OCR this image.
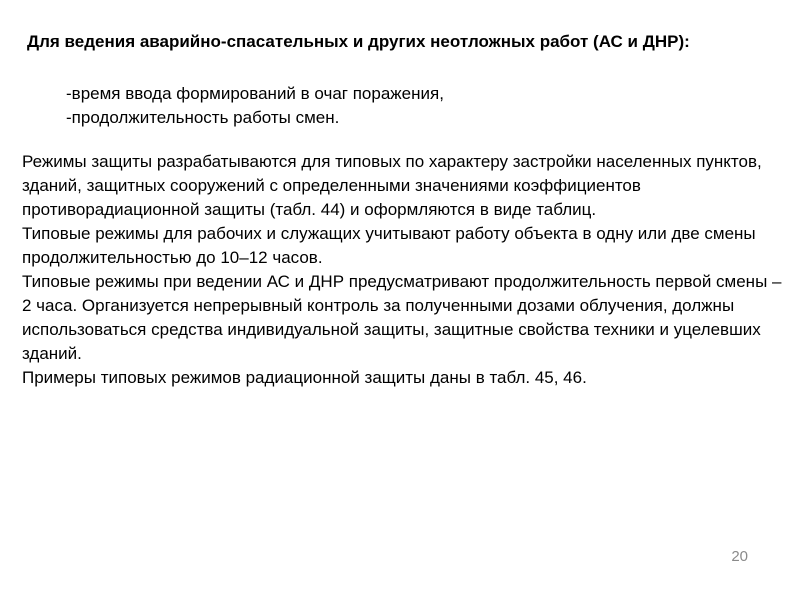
Для ведения аварийно-спасательных и других неотложных работ (АС и ДНР):

-время ввода формирований в очаг поражения,
-продолжительность работы смен.

Режимы защиты разрабатываются для типовых по характеру застройки населенных пунктов, зданий, защитных сооружений с определенными значениями коэффициентов противорадиационной защиты (табл. 44) и оформляются в виде таблиц.

Типовые режимы для рабочих и служащих учитывают работу объекта в одну или две смены продолжительностью до 10–12 часов.

Типовые режимы при ведении АС и ДНР предусматривают продолжительность первой смены – 2 часа. Организуется непрерывный контроль за полученными дозами облучения, должны использоваться средства индивидуальной защиты, защитные свойства техники и уцелевших зданий.

Примеры типовых режимов радиационной защиты даны в табл. 45, 46.

20
